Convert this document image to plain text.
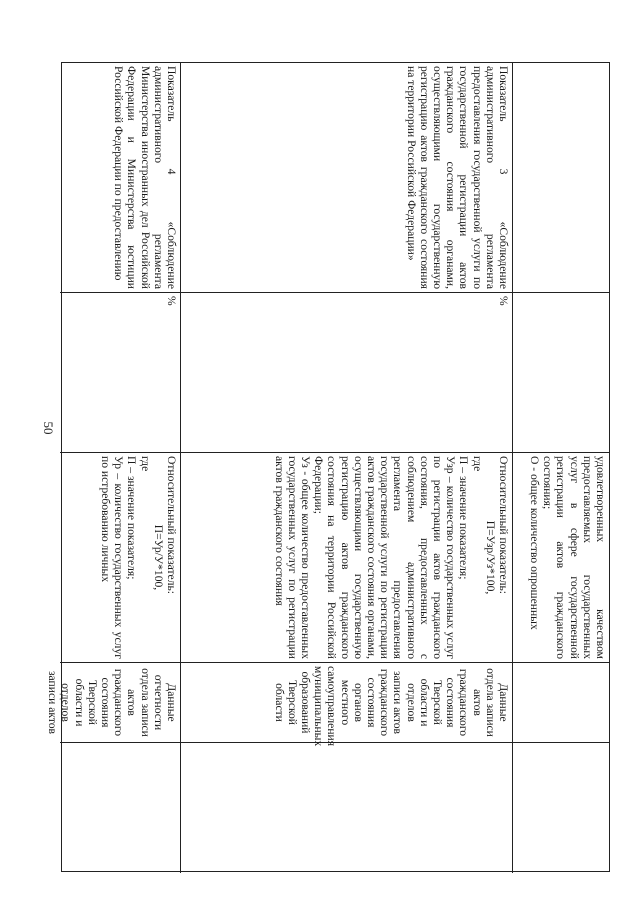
50
удовлетворенных качеством предоставляемых государственных услуг в сфере государственной регистрации актов гражданского состояния;
О - общее количество опрошенных
Показатель 3 «Соблюдение административного регламента предоставления государственной услуги по государственной регистрации актов гражданского состояния органами, осуществляющими государственную регистрацию актов гражданского состояния на территории Российской Федерации»
%
Относительный показатель:
П=Узр/Уз*100,
где
П – значение показателя;
Узр – количество государственных услуг по регистрации актов гражданского состояния, предоставленных с соблюдением административного регламента предоставления государственной услуги по регистрации актов гражданского состояния органами, осуществляющими государственную регистрацию актов гражданского состояния на территории Российской Федерации;
Уз - общее количество предоставленных государственных услуг по регистрации актов гражданского состояния
Данные отдела записи актов гражданского состояния Тверской области и отделов записи актов гражданского состояния органов местного самоуправления муниципальных образований Тверской области
Показатель 4 «Соблюдение административного регламента Министерства иностранных дел Российской Федерации и Министерства юстиции Российской Федерации по предоставлению
%
Относительный показатель:
П=Ур/У*100,
где
П – значение показателя;
Ур – количество государственных услуг по истребованию личных
Данные отчетности отдела записи актов гражданского состояния Тверской области и отделов записи актов
